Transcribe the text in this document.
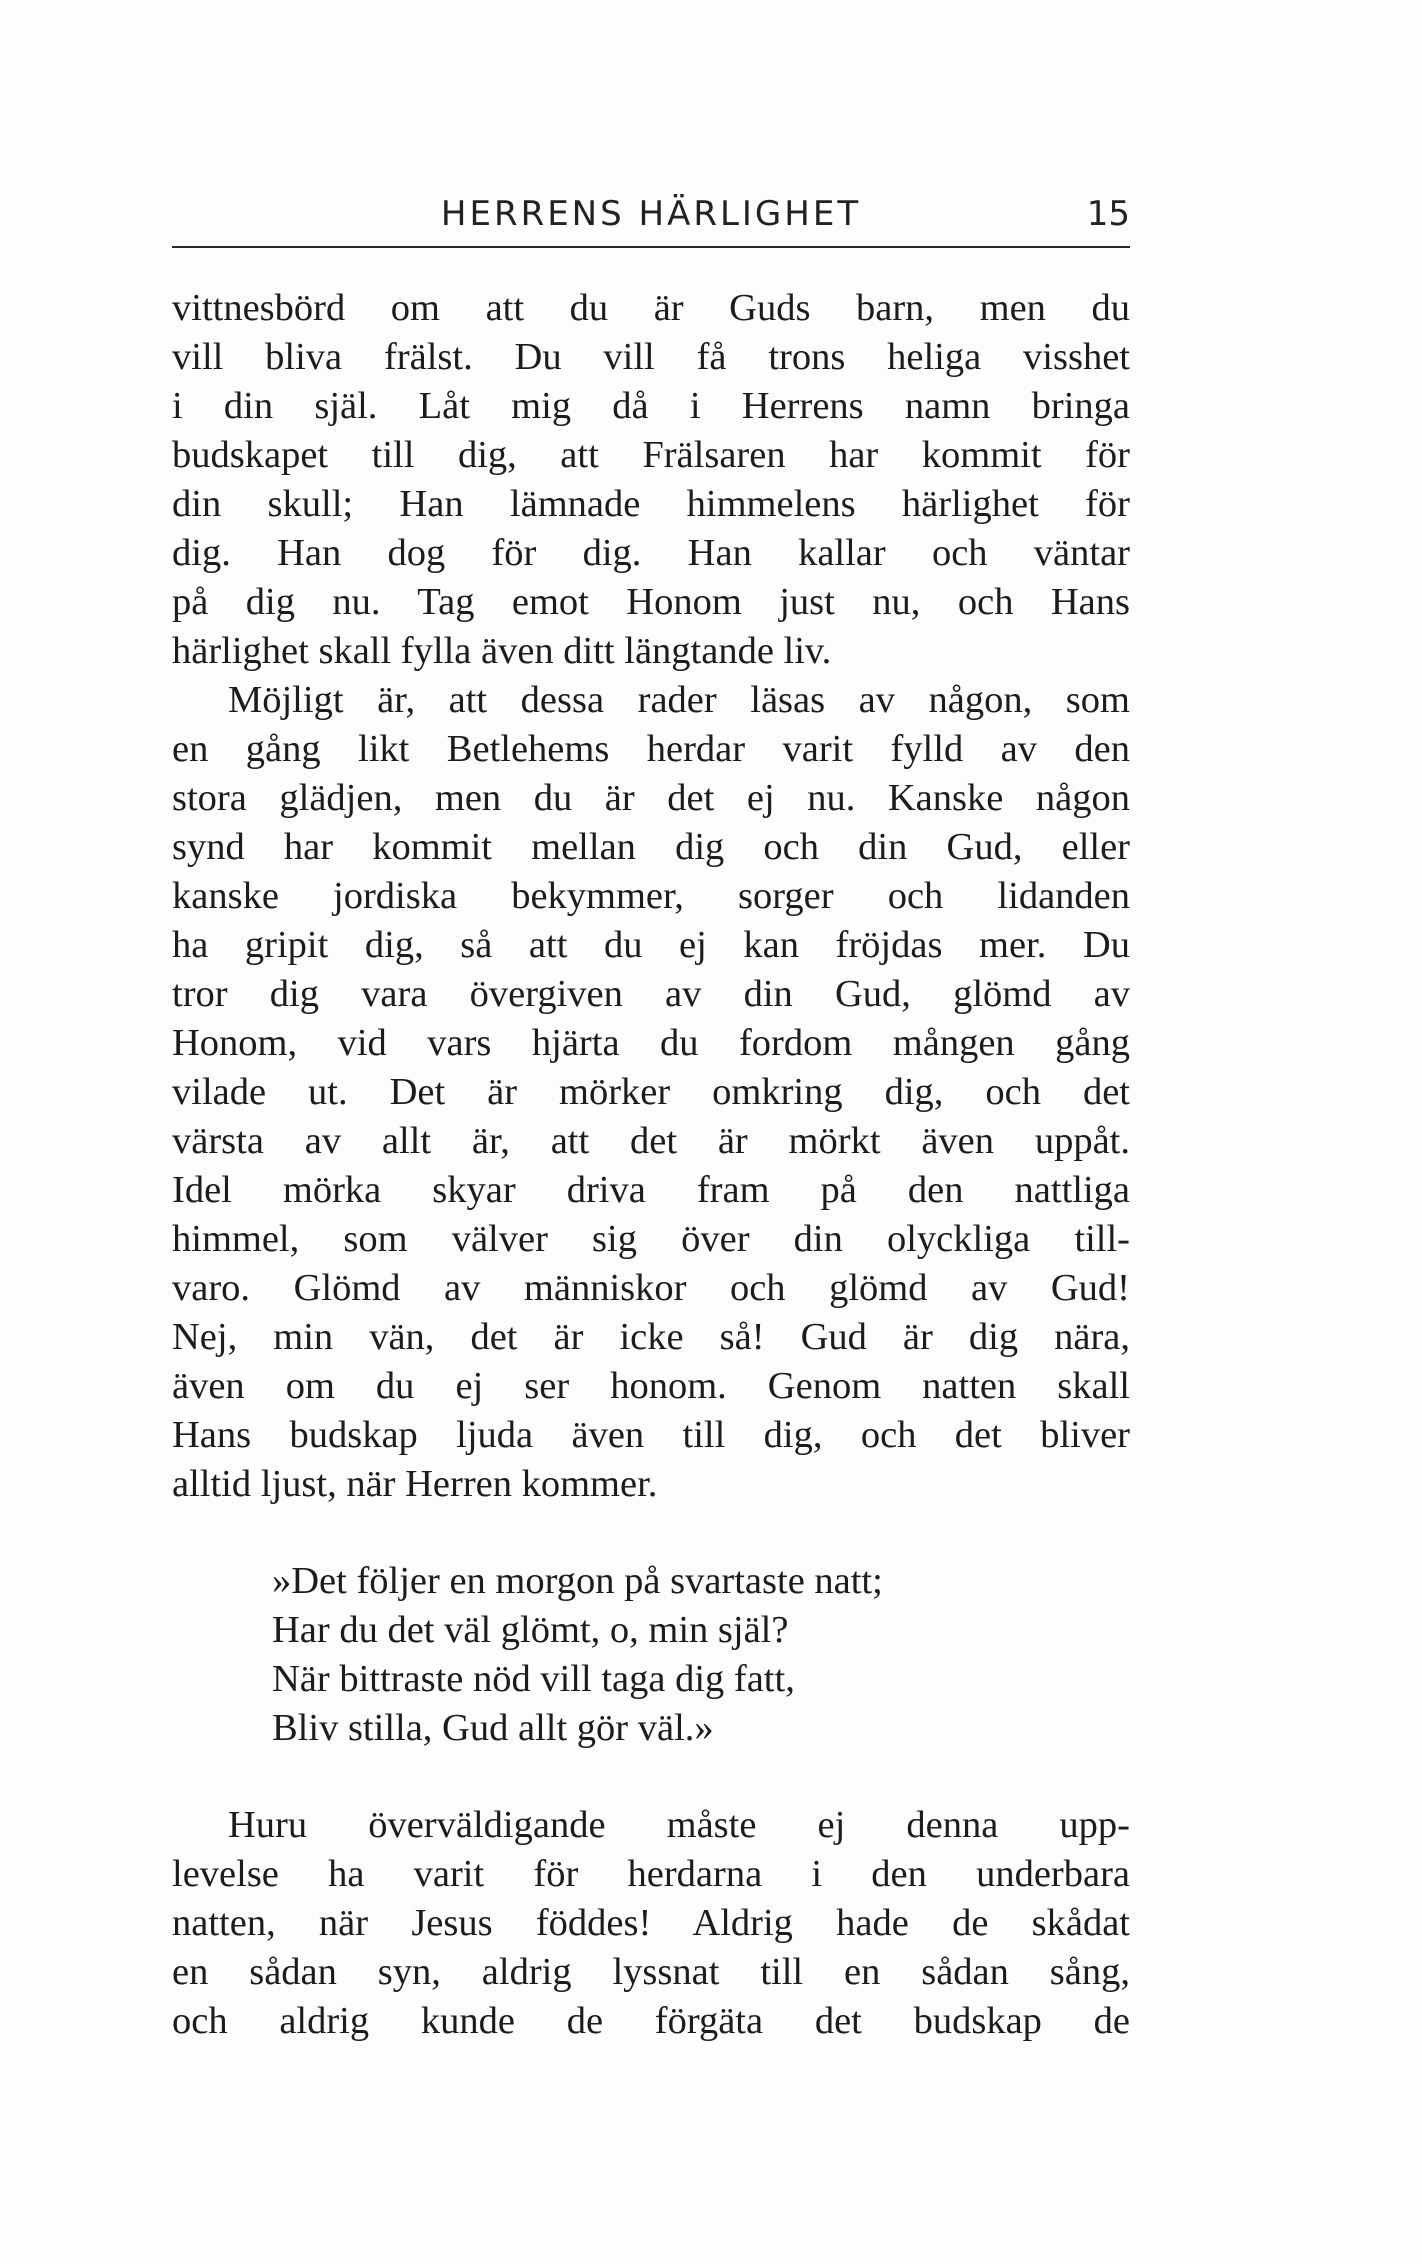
HERRENS HÄRLIGHET	15

vittnesbörd om att du är Guds barn, men du
vill bliva frälst. Du vill få trons heliga visshet
i din själ. Låt mig då i Herrens namn bringa
budskapet till dig, att Frälsaren har kommit för
din skull; Han lämnade himmelens härlighet för
dig. Han dog för dig. Han kallar och väntar
på dig nu. Tag emot Honom just nu, och Hans
härlighet skall fylla även ditt längtande liv.

Möjligt är, att dessa rader läsas av någon, som
en gång likt Betlehems herdar varit fylld av den
stora glädjen, men du är det ej nu. Kanske någon
synd har kommit mellan dig och din Gud, eller
kanske jordiska bekymmer, sorger och lidanden
ha gripit dig, så att du ej kan fröjdas mer. Du
tror dig vara övergiven av din Gud, glömd av
Honom, vid vars hjärta du fordom mången gång
vilade ut. Det är mörker omkring dig, och det
värsta av allt är, att det är mörkt även uppåt.
Idel mörka skyar driva fram på den nattliga
himmel, som välver sig över din olyckliga till-
varo. Glömd av människor och glömd av Gud!
Nej, min vän, det är icke så! Gud är dig nära,
även om du ej ser honom. Genom natten skall
Hans budskap ljuda även till dig, och det bliver
alltid ljust, när Herren kommer.

»Det följer en morgon på svartaste natt;
Har du det väl glömt, o, min själ?
När bittraste nöd vill taga dig fatt,
Bliv stilla, Gud allt gör väl.»

Huru överväldigande måste ej denna upp-
levelse ha varit för herdarna i den underbara
natten, när Jesus föddes! Aldrig hade de skådat
en sådan syn, aldrig lyssnat till en sådan sång,
och aldrig kunde de förgäta det budskap de
